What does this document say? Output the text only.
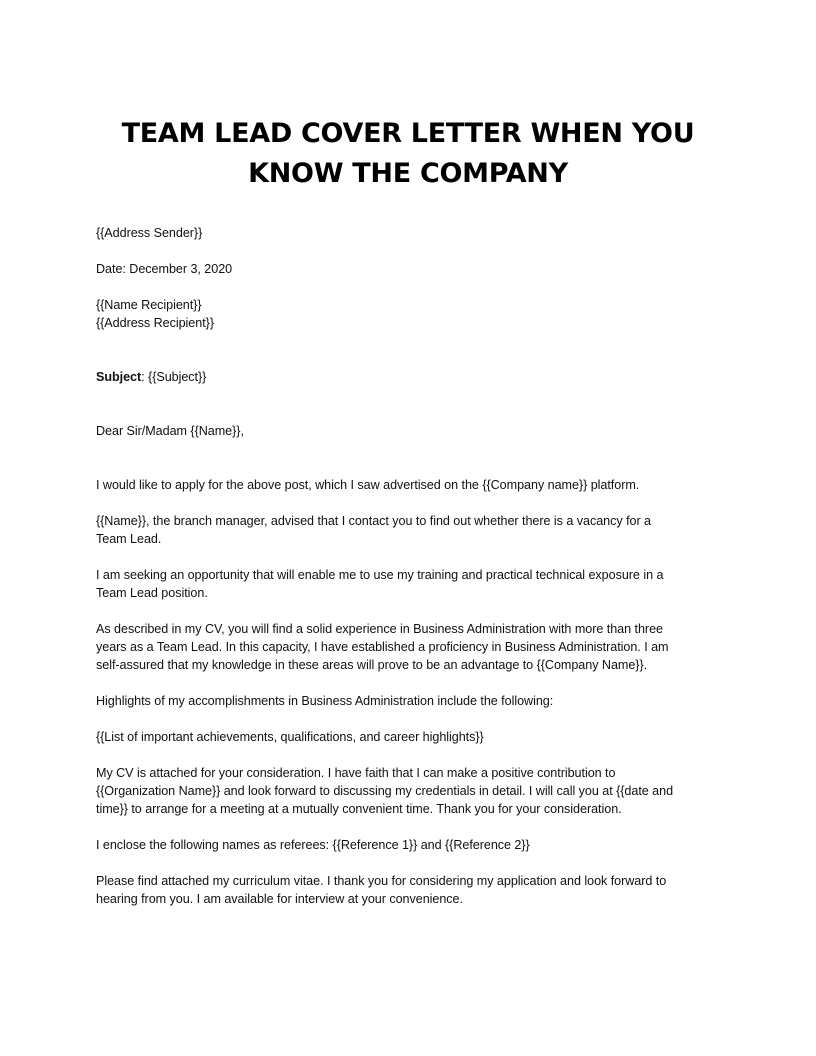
TEAM LEAD COVER LETTER WHEN YOU
KNOW THE COMPANY

{{Address Sender}}

Date: December 3, 2020

{{Name Recipient}}

{{Address Recipient}}

Subject: {{Subject}}

Dear Sir/Madam {{Name}},

I would like to apply for the above post, which I saw advertised on the {{Company name}} platform.

{{Name}}, the branch manager, advised that I contact you to find out whether there is a vacancy for a

Team Lead.

I am seeking an opportunity that will enable me to use my training and practical technical exposure in a

Team Lead position.

As described in my CV, you will find a solid experience in Business Administration with more than three

years as a Team Lead. In this capacity, I have established a proficiency in Business Administration. I am

self-assured that my knowledge in these areas will prove to be an advantage to {{Company Name}}.

Highlights of my accomplishments in Business Administration include the following:

{{List of important achievements, qualifications, and career highlights}}

My CV is attached for your consideration. I have faith that I can make a positive contribution to

{{Organization Name}} and look forward to discussing my credentials in detail. I will call you at {{date and

time}} to arrange for a meeting at a mutually convenient time. Thank you for your consideration.

I enclose the following names as referees: {{Reference 1}} and {{Reference 2}}

Please find attached my curriculum vitae. I thank you for considering my application and look forward to

hearing from you. I am available for interview at your convenience.
